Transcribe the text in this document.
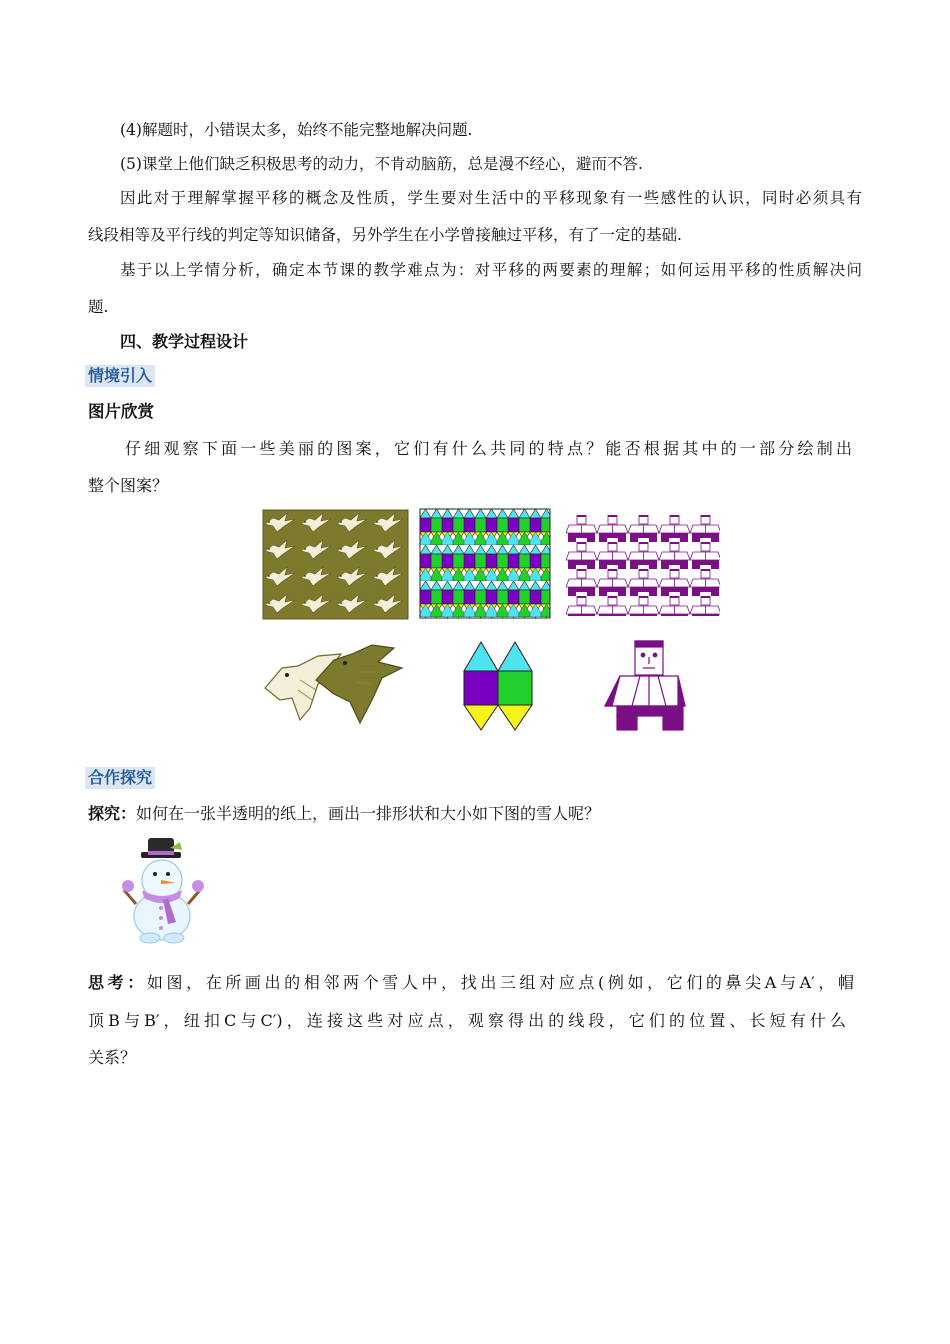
(4)解题时，小错误太多，始终不能完整地解决问题.
(5)课堂上他们缺乏积极思考的动力，不肯动脑筋，总是漫不经心，避而不答.
因此对于理解掌握平移的概念及性质，学生要对生活中的平移现象有一些感性的认识，同时必须具有
线段相等及平行线的判定等知识储备，另外学生在小学曾接触过平移，有了一定的基础.
基于以上学情分析，确定本节课的教学难点为：对平移的两要素的理解；如何运用平移的性质解决问
题.
四、教学过程设计
情境引入
图片欣赏
仔细观察下面一些美丽的图案，它们有什么共同的特点？能否根据其中的一部分绘制出
整个图案？
合作探究
探究：如何在一张半透明的纸上，画出一排形状和大小如下图的雪人呢？
思考：如图，在所画出的相邻两个雪人中，找出三组对应点(例如，它们的鼻尖A与A′，帽
顶B与B′，纽扣C与C′)，连接这些对应点，观察得出的线段，它们的位置、长短有什么
关系？
